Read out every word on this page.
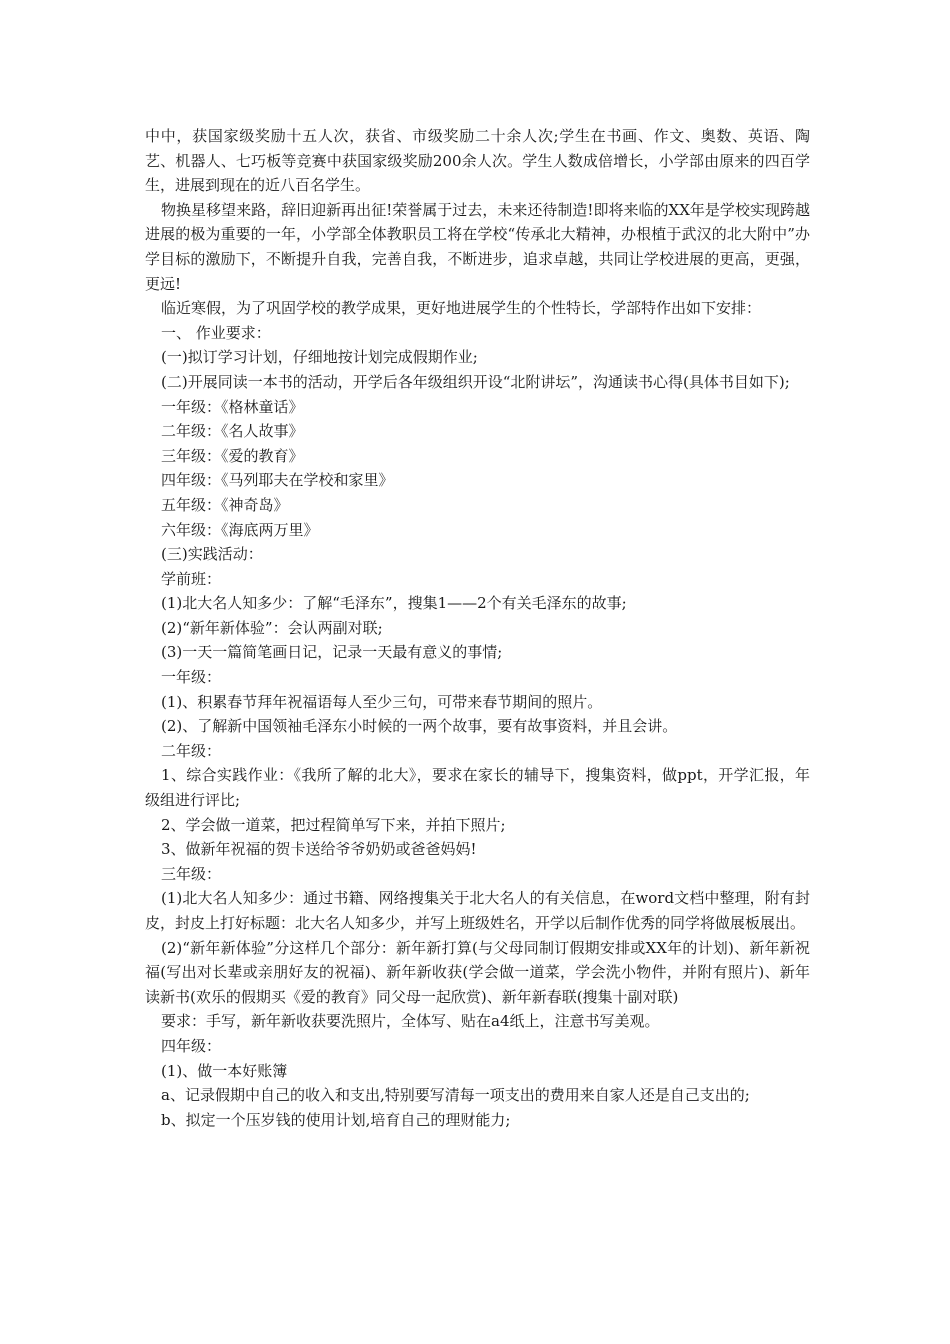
中中，获国家级奖励十五人次，获省、市级奖励二十余人次;学生在书画、作文、奥数、英语、陶艺、机器人、七巧板等竞赛中获国家级奖励200余人次。学生人数成倍增长，小学部由原来的四百学生，进展到现在的近八百名学生。

物换星移望来路，辞旧迎新再出征!荣誉属于过去，未来还待制造!即将来临的XX年是学校实现跨越进展的极为重要的一年，小学部全体教职员工将在学校“传承北大精神，办根植于武汉的北大附中”办学目标的激励下，不断提升自我，完善自我，不断进步，追求卓越，共同让学校进展的更高，更强，更远!

临近寒假，为了巩固学校的教学成果，更好地进展学生的个性特长，学部特作出如下安排：

一、 作业要求：

(一)拟订学习计划，仔细地按计划完成假期作业;

(二)开展同读一本书的活动，开学后各年级组织开设“北附讲坛”，沟通读书心得(具体书目如下);

一年级：《格林童话》

二年级：《名人故事》

三年级：《爱的教育》

四年级：《马列耶夫在学校和家里》

五年级：《神奇岛》

六年级：《海底两万里》

(三)实践活动：

学前班：

(1)北大名人知多少：了解“毛泽东”，搜集1——2个有关毛泽东的故事;

(2)“新年新体验”：会认两副对联;

(3)一天一篇简笔画日记，记录一天最有意义的事情;

一年级：

(1)、积累春节拜年祝福语每人至少三句，可带来春节期间的照片。

(2)、了解新中国领袖毛泽东小时候的一两个故事，要有故事资料，并且会讲。

二年级：

1、综合实践作业：《我所了解的北大》，要求在家长的辅导下，搜集资料，做ppt，开学汇报，年级组进行评比;

2、学会做一道菜，把过程简单写下来，并拍下照片;

3、做新年祝福的贺卡送给爷爷奶奶或爸爸妈妈!

三年级：

(1)北大名人知多少：通过书籍、网络搜集关于北大名人的有关信息，在word文档中整理，附有封皮，封皮上打好标题：北大名人知多少，并写上班级姓名，开学以后制作优秀的同学将做展板展出。

(2)“新年新体验”分这样几个部分：新年新打算(与父母同制订假期安排或XX年的计划)、新年新祝福(写出对长辈或亲朋好友的祝福)、新年新收获(学会做一道菜，学会洗小物件，并附有照片)、新年读新书(欢乐的假期买《爱的教育》同父母一起欣赏)、新年新春联(搜集十副对联)

要求：手写，新年新收获要洗照片，全体写、贴在a4纸上，注意书写美观。

四年级：

(1)、做一本好账簿

a、记录假期中自己的收入和支出,特别要写清每一项支出的费用来自家人还是自己支出的;

b、拟定一个压岁钱的使用计划,培育自己的理财能力;
